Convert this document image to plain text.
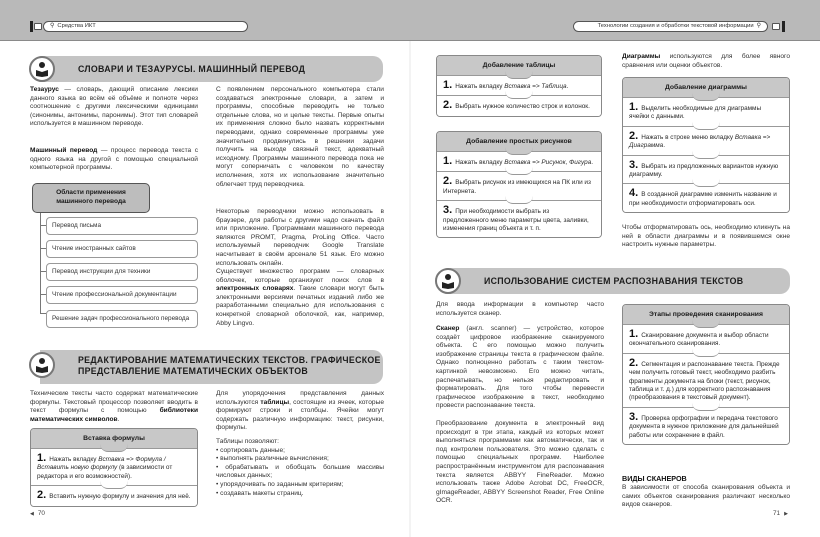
⚲ Средства ИКТ	Технологии создания и обработки текстовой информации ⚲
СЛОВАРИ И ТЕЗАУРУСЫ. МАШИННЫЙ ПЕРЕВОД
Тезаурус — словарь, дающий описание лексики данного языка во всём её объёме и полноте через соотношение с другими лексическими единицами (синонимы, антонимы, паронимы). Этот тип словарей используется в машинном переводе.
Машинный перевод — процесс перевода текста с одного языка на другой с помощью специальной компьютерной программы.
Области применения машинного перевода
Перевод письма
Чтение иностранных сайтов
Перевод инструкции для техники
Чтение профессиональной документации
Решение задач профессионального перевода
С появлением персонального компьютера стали создаваться электронные словари, а затем и программы, способные переводить не только отдельные слова, но и целые тексты. Первые опыты их применения сложно было назвать корректными переводами, однако современные программы уже значительно продвинулись в решении задачи получить на выходе связный текст, адекватный исходному. Программы машинного перевода пока не могут соперничать с человеком по качеству исполнения, хотя их использование значительно облегчает труд переводчика.
Некоторые переводчики можно использовать в браузере, для работы с другими надо скачать файл или приложение. Программами машинного перевода являются PROMT, Pragma, ProLing Office. Часто используемый переводчик Google Translate насчитывает в своём арсенале 51 язык. Его можно использовать онлайн.
Существует множество программ — словарных оболочек, которые организуют поиск слов в электронных словарях. Такие словари могут быть электронными версиями печатных изданий либо же разработанными специально для использования с конкретной словарной оболочкой, как, например, Abby Lingvo.
РЕДАКТИРОВАНИЕ МАТЕМАТИЧЕСКИХ ТЕКСТОВ. ГРАФИЧЕСКОЕ
ПРЕДСТАВЛЕНИЕ МАТЕМАТИЧЕСКИХ ОБЪЕКТОВ
Технические тексты часто содержат математические формулы. Текстовый процессор позволяет вводить в текст формулы с помощью библиотеки математических символов.
Вставка формулы
1. Нажать вкладку Вставка => Формула / Вставить новую формулу (в зависимости от редактора и его возможностей).
2. Вставить нужную формулу и значения для неё.
Для упорядочения представления данных используются таблицы, состоящие из ячеек, которые формируют строки и столбцы. Ячейки могут содержать различную информацию: текст, рисунки, формулы.
Таблицы позволяют:
• сортировать данные;
• выполнять различные вычисления;
• обрабатывать и обобщать большие массивы числовых данных;
• упорядочивать по заданным критериям;
• создавать макеты страниц.
◀ 70
Добавление таблицы
1. Нажать вкладку Вставка => Таблица.
2. Выбрать нужное количество строк и колонок.
Добавление простых рисунков
1. Нажать вкладку Вставка => Рисунок, Фигура.
2. Выбрать рисунок из имеющихся на ПК или из Интернета.
3. При необходимости выбрать из предложенного меню параметры цвета, заливки, изменения границ объекта и т. п.
Диаграммы используются для более явного сравнения или оценки объектов.
Добавление диаграммы
1. Выделить необходимые для диаграммы ячейки с данными.
2. Нажать в строке меню вкладку Вставка => Диаграмма.
3. Выбрать из предложенных вариантов нужную диаграмму.
4. В созданной диаграмме изменить название и при необходимости отформатировать оси.
Чтобы отформатировать ось, необходимо кликнуть на ней в области диаграммы и в появившемся окне настроить нужные параметры.
ИСПОЛЬЗОВАНИЕ СИСТЕМ РАСПОЗНАВАНИЯ ТЕКСТОВ
Для ввода информации в компьютер часто используется сканер.
Сканер (англ. scanner) — устройство, которое создаёт цифровое изображение сканируемого объекта. С его помощью можно получить изображение страницы текста в графическом файле. Однако полноценно работать с таким текстом-картинкой невозможно. Его можно читать, распечатывать, но нельзя редактировать и форматировать. Для того чтобы перевести графическое изображение в текст, необходимо провести распознавание текста.
Преобразование документа в электронный вид происходит в три этапа, каждый из которых может выполняться программами как автоматически, так и под контролем пользователя. Это можно сделать с помощью специальных программ. Наиболее распространённым инструментом для распознавания текста является ABBYY FineReader. Можно использовать также Adobe Acrobat DC, FreeOCR, gImageReader, ABBYY Screenshot Reader, Free Online OCR.
Этапы проведения сканирования
1. Сканирование документа и выбор области окончательного сканирования.
2. Сегментация и распознавание текста. Прежде чем получить готовый текст, необходимо разбить фрагменты документа на блоки (текст, рисунок, таблица и т. д.) для корректного распознавания (преобразования в текстовый документ).
3. Проверка орфографии и передача текстового документа в нужное приложение для дальнейшей работы или сохранение в файл.
ВИДЫ СКАНЕРОВ
В зависимости от способа сканирования объекта и самих объектов сканирования различают несколько видов сканеров.
71 ▶
